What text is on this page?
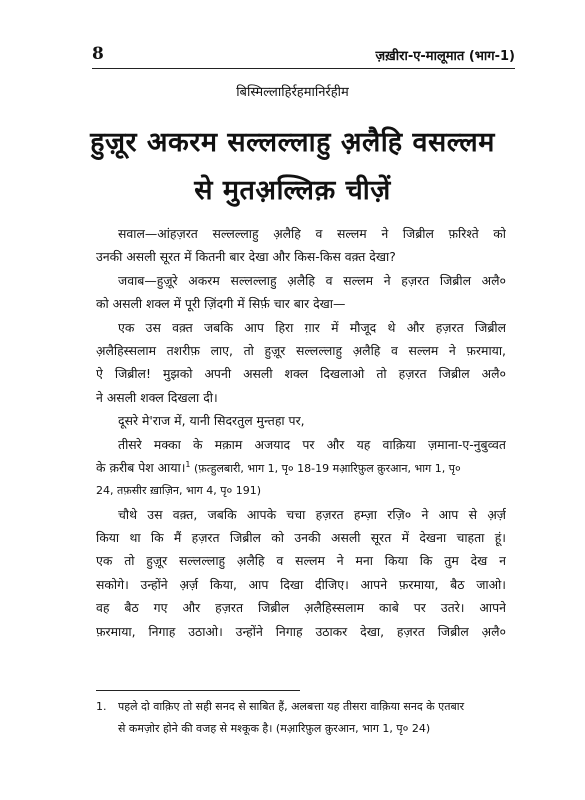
8	ज़ख़ीरा-ए-मालूमात (भाग-1)
बिस्मिल्लाहिर्रहमानिर्रहीम
हुज़ूर अकरम सल्लल्लाहु अ़लैहि वसल्लम
से मुतअ़ल्लिक़ चीज़ें
सवाल—आंहज़रत सल्लल्लाहु अ़लैहि व सल्लम ने जिब्रील फ़रिश्ते को
उनकी असली सूरत में कितनी बार देखा और किस-किस वक़्त देखा?
जवाब—हुज़ूरे अकरम सल्लल्लाहु अ़लैहि व सल्लम ने हज़रत जिब्रील अलै०
को असली शक्ल में पूरी ज़िंदगी में सिर्फ़ चार बार देखा—
एक उस वक़्त जबकि आप हिरा ग़ार में मौजूद थे और हज़रत जिब्रील
अ़लैहिस्सलाम तशरीफ़ लाए, तो हुज़ूर सल्लल्लाहु अ़लैहि व सल्लम ने फ़रमाया,
ऐ जिब्रील! मुझको अपनी असली शक्ल दिखलाओ तो हज़रत जिब्रील अलै०
ने असली शक्ल दिखला दी।
दूसरे मे'राज में, यानी सिदरतुल मुन्तहा पर,
तीसरे मक्का के मक़ाम अजयाद पर और यह वाक़िया ज़माना-ए-नुबुव्वत
के क़रीब पेश आया।$^1$ (फ़त्हुलबारी, भाग 1, पृ० 18-19 मआ़रिफ़ुल क़ुरआन, भाग 1, पृ०
24, तफ़सीर ख़ाज़िन, भाग 4, पृ० 191)
चौथे उस वक़्त, जबकि आपके चचा हज़रत हम्ज़ा रज़ि० ने आप से अ़र्ज़
किया था कि मैं हज़रत जिब्रील को उनकी असली सूरत में देखना चाहता हूं।
एक तो हुज़ूर सल्लल्लाहु अ़लैहि व सल्लम ने मना किया कि तुम देख न
सकोगे। उन्होंने अ़र्ज़ किया, आप दिखा दीजिए। आपने फ़रमाया, बैठ जाओ।
वह बैठ गए और हज़रत जिब्रील अ़लैहिस्सलाम काबे पर उतरे। आपने
फ़रमाया, निगाह उठाओ। उन्होंने निगाह उठाकर देखा, हज़रत जिब्रील अ़लै०
1. पहले दो वाक़िए तो सही सनद से साबित हैं, अलबत्ता यह तीसरा वाक़िया सनद के एतबार
से कमज़ोर होने की वजह से मश्कूक है। (मआ़रिफ़ुल क़ुरआन, भाग 1, पृ० 24)
